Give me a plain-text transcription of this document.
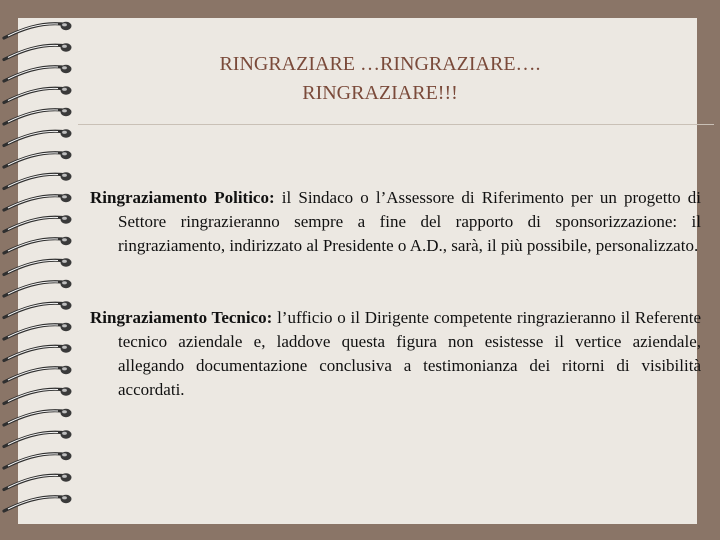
RINGRAZIARE …RINGRAZIARE….
RINGRAZIARE!!!

Ringraziamento Politico: il Sindaco o l’Assessore di Riferimento per un progetto di Settore ringrazieranno sempre a fine del rapporto di sponsorizzazione: il ringraziamento, indirizzato al Presidente o A.D., sarà, il più possibile, personalizzato.

Ringraziamento Tecnico: l’ufficio o il Dirigente competente ringrazieranno il Referente tecnico aziendale e, laddove questa figura non esistesse il vertice aziendale, allegando documentazione conclusiva a testimonianza dei ritorni di visibilità accordati.
